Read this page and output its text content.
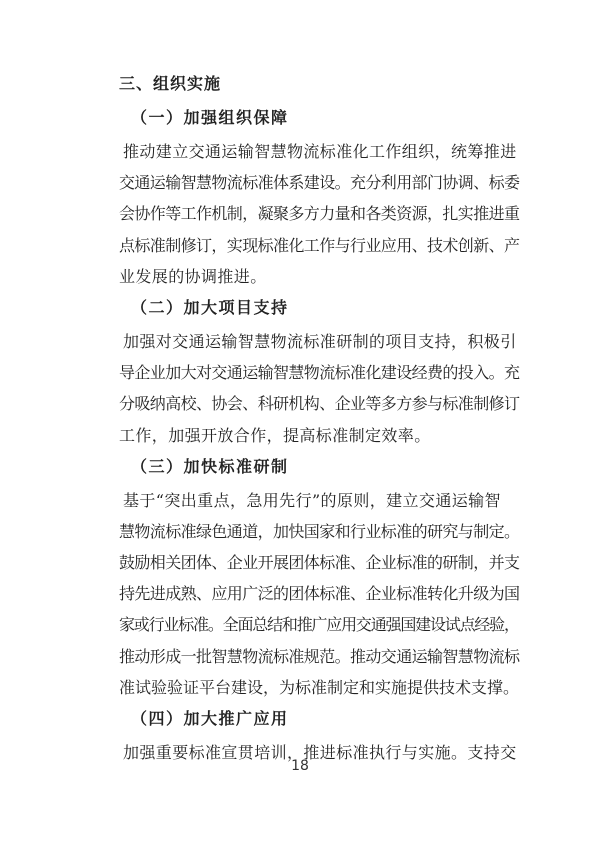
三、组织实施
（一）加强组织保障

推动建立交通运输智慧物流标准化工作组织，统筹推进
交通运输智慧物流标准体系建设。充分利用部门协调、标委
会协作等工作机制，凝聚多方力量和各类资源，扎实推进重
点标准制修订，实现标准化工作与行业应用、技术创新、产
业发展的协调推进。

（二）加大项目支持

加强对交通运输智慧物流标准研制的项目支持，积极引
导企业加大对交通运输智慧物流标准化建设经费的投入。充
分吸纳高校、协会、科研机构、企业等多方参与标准制修订
工作，加强开放合作，提高标准制定效率。

（三）加快标准研制

基于“突出重点，急用先行”的原则，建立交通运输智
慧物流标准绿色通道，加快国家和行业标准的研究与制定。
鼓励相关团体、企业开展团体标准、企业标准的研制，并支
持先进成熟、应用广泛的团体标准、企业标准转化升级为国
家或行业标准。全面总结和推广应用交通强国建设试点经验，
推动形成一批智慧物流标准规范。推动交通运输智慧物流标
准试验验证平台建设，为标准制定和实施提供技术支撑。

（四）加大推广应用

加强重要标准宣贯培训，推进标准执行与实施。支持交

18
